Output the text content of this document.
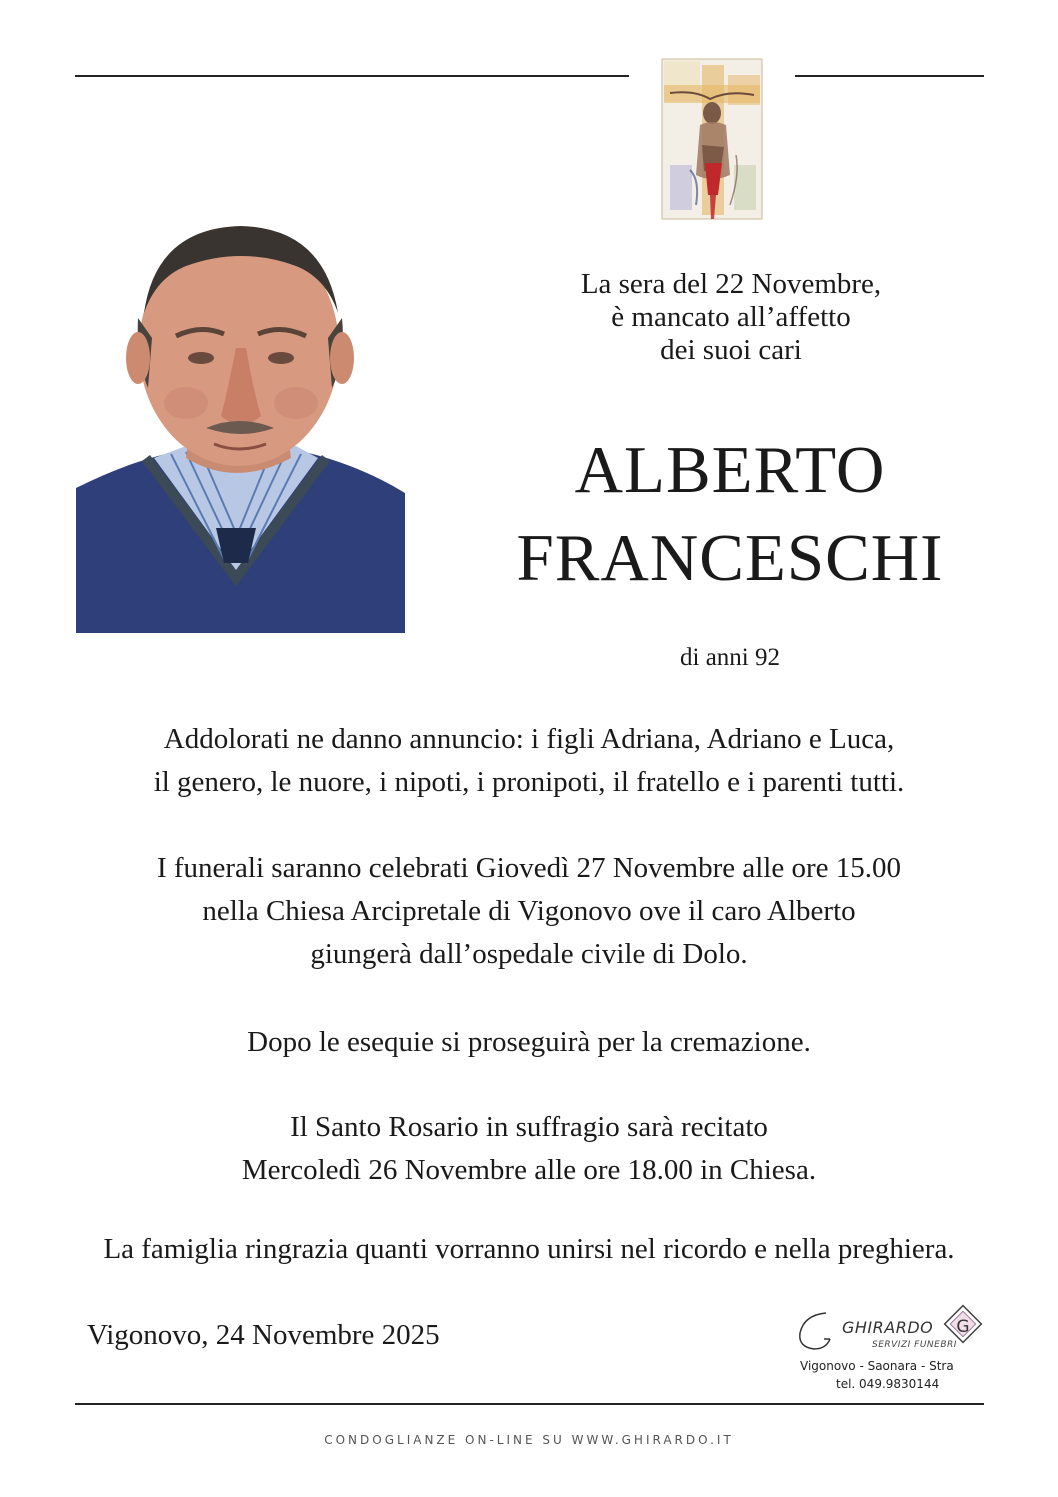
La sera del 22 Novembre,
è mancato all’affetto
dei suoi cari
ALBERTO
FRANCESCHI
di anni 92
Addolorati ne danno annuncio: i figli Adriana, Adriano e Luca,
il genero, le nuore, i nipoti, i pronipoti, il fratello e i parenti tutti.
I funerali saranno celebrati Giovedì 27 Novembre alle ore 15.00
nella Chiesa Arcipretale di Vigonovo ove il caro Alberto
giungerà dall’ospedale civile di Dolo.
Dopo le esequie si proseguirà per la cremazione.
Il Santo Rosario in suffragio sarà recitato
Mercoledì 26 Novembre alle ore 18.00 in Chiesa.
La famiglia ringrazia quanti vorranno unirsi nel ricordo e nella preghiera.
Vigonovo, 24 Novembre 2025	GHIRARDO
SERVIZI FUNEBRI
G
Vigonovo - Saonara - Stra
tel. 049.9830144
CONDOGLIANZE ON-LINE SU WWW.GHIRARDO.IT
